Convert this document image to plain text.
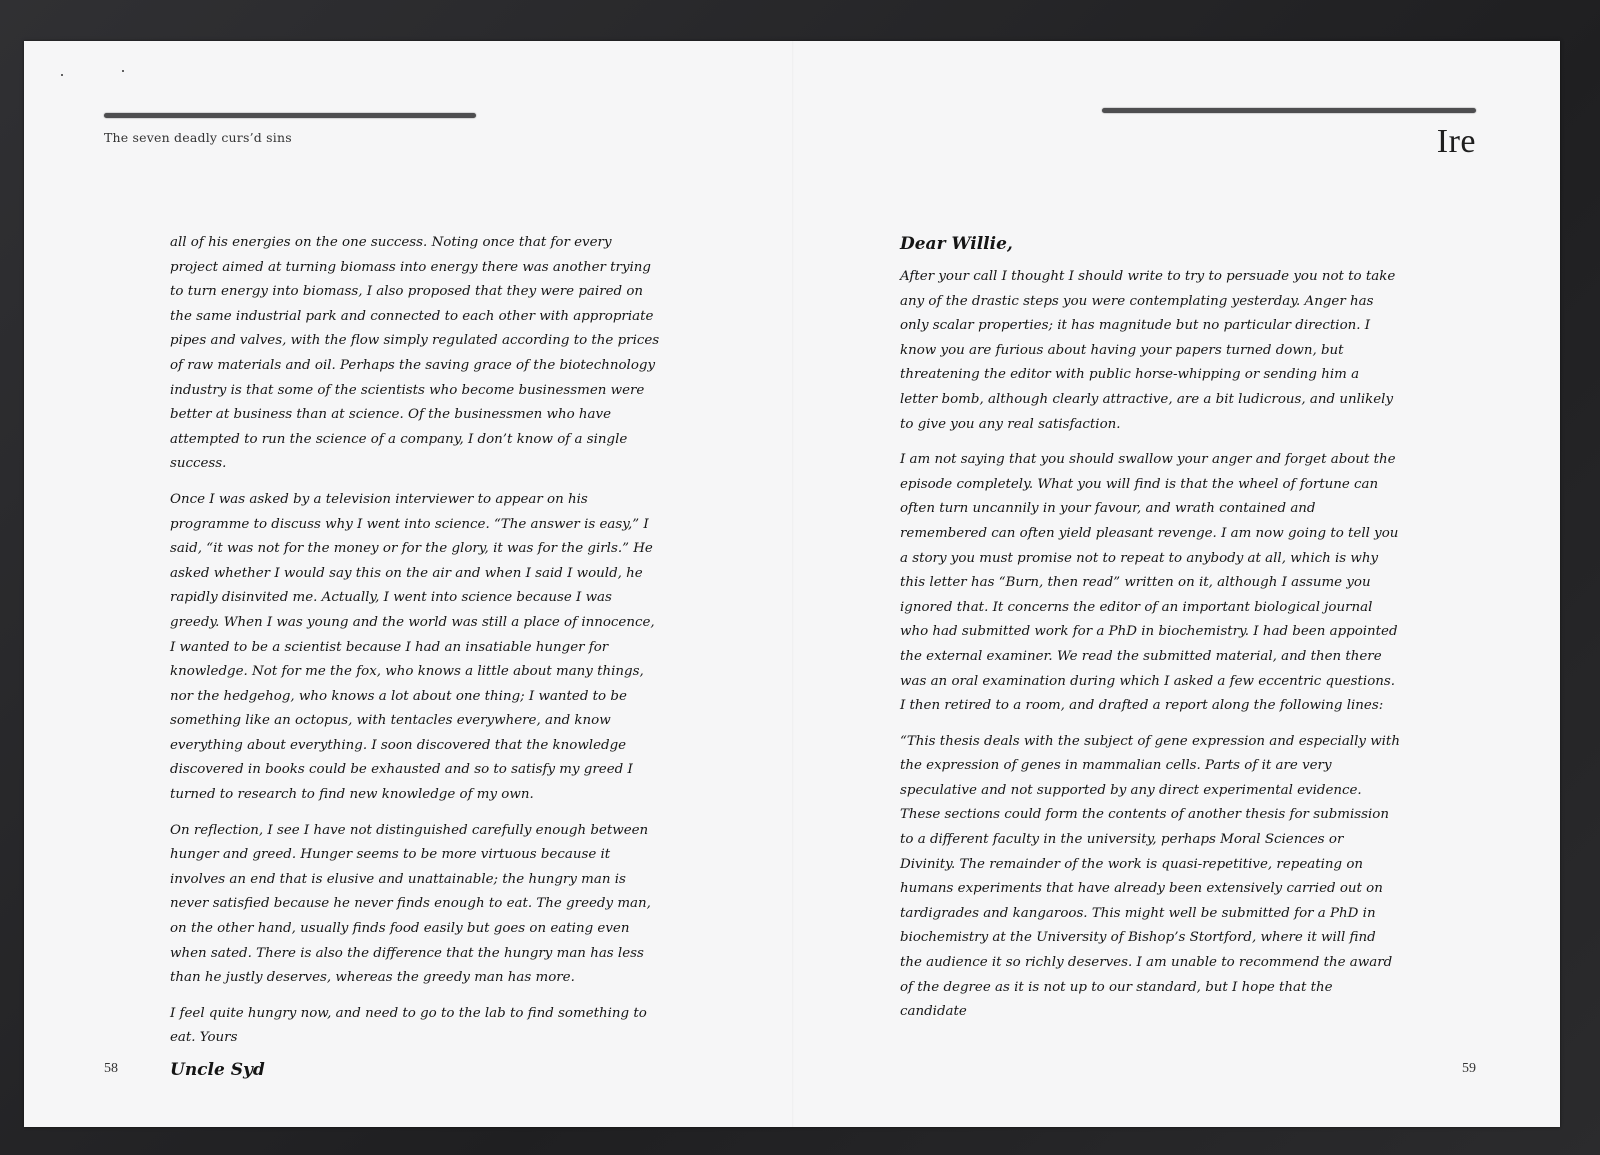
The seven deadly curs’d sins	Ire

all of his energies on the one success. Noting once that for every project aimed at turning biomass into energy there was another trying to turn energy into biomass, I also proposed that they were paired on the same industrial park and connected to each other with appropriate pipes and valves, with the flow simply regulated according to the prices of raw materials and oil. Perhaps the saving grace of the biotechnology industry is that some of the scientists who become businessmen were better at business than at science. Of the businessmen who have attempted to run the science of a company, I don’t know of a single success.

Once I was asked by a television interviewer to appear on his programme to discuss why I went into science. “The answer is easy,” I said, “it was not for the money or for the glory, it was for the girls.” He asked whether I would say this on the air and when I said I would, he rapidly disinvited me. Actually, I went into science because I was greedy. When I was young and the world was still a place of innocence, I wanted to be a scientist because I had an insatiable hunger for knowledge. Not for me the fox, who knows a little about many things, nor the hedgehog, who knows a lot about one thing; I wanted to be something like an octopus, with tentacles everywhere, and know everything about everything. I soon discovered that the knowledge discovered in books could be exhausted and so to satisfy my greed I turned to research to find new knowledge of my own.

On reflection, I see I have not distinguished carefully enough between hunger and greed. Hunger seems to be more virtuous because it involves an end that is elusive and unattainable; the hungry man is never satisfied because he never finds enough to eat. The greedy man, on the other hand, usually finds food easily but goes on eating even when sated. There is also the difference that the hungry man has less than he justly deserves, whereas the greedy man has more.

I feel quite hungry now, and need to go to the lab to find something to eat. Yours

Uncle Syd
Dear Willie,

After your call I thought I should write to try to persuade you not to take any of the drastic steps you were contemplating yesterday. Anger has only scalar properties; it has magnitude but no particular direction. I know you are furious about having your papers turned down, but threatening the editor with public horse-whipping or sending him a letter bomb, although clearly attractive, are a bit ludicrous, and unlikely to give you any real satisfaction.

I am not saying that you should swallow your anger and forget about the episode completely. What you will find is that the wheel of fortune can often turn uncannily in your favour, and wrath contained and remembered can often yield pleasant revenge. I am now going to tell you a story you must promise not to repeat to anybody at all, which is why this letter has “Burn, then read” written on it, although I assume you ignored that. It concerns the editor of an important biological journal who had submitted work for a PhD in biochemistry. I had been appointed the external examiner. We read the submitted material, and then there was an oral examination during which I asked a few eccentric questions. I then retired to a room, and drafted a report along the following lines:

“This thesis deals with the subject of gene expression and especially with the expression of genes in mammalian cells. Parts of it are very speculative and not supported by any direct experimental evidence. These sections could form the contents of another thesis for submission to a different faculty in the university, perhaps Moral Sciences or Divinity. The remainder of the work is quasi-repetitive, repeating on humans experiments that have already been extensively carried out on tardigrades and kangaroos. This might well be submitted for a PhD in biochemistry at the University of Bishop’s Stortford, where it will find the audience it so richly deserves. I am unable to recommend the award of the degree as it is not up to our standard, but I hope that the candidate

58	59
